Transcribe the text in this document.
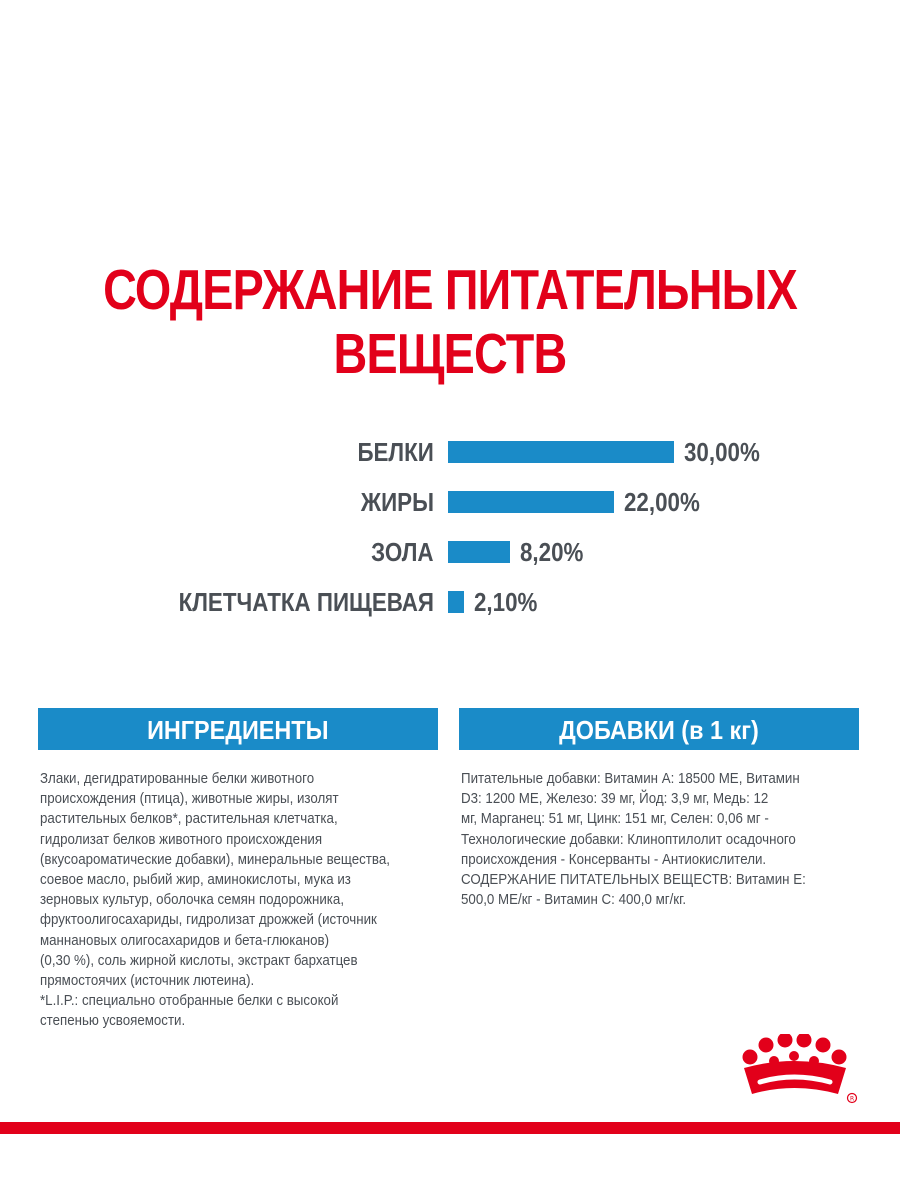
СОДЕРЖАНИЕ ПИТАТЕЛЬНЫХ
ВЕЩЕСТВ
БЕЛКИ	30,00%
ЖИРЫ	22,00%
ЗОЛА	8,20%
КЛЕТЧАТКА ПИЩЕВАЯ 2,10%
ИНГРЕДИЕНТЫ	ДОБАВКИ (в 1 кг)
Злаки, дегидратированные белки животного
происхождения (птица), животные жиры, изолят
растительных белков*, растительная клетчатка,
гидролизат белков животного происхождения
(вкусоароматические добавки), минеральные вещества,
соевое масло, рыбий жир, аминокислоты, мука из
зерновых культур, оболочка семян подорожника,
фруктоолигосахариды, гидролизат дрожжей (источник
маннановых олигосахаридов и бета-глюканов)
(0,30 %), соль жирной кислоты, экстракт бархатцев
прямостоячих (источник лютеина).
*L.I.P.: специально отобранные белки с высокой
степенью усвояемости.
Питательные добавки: Витамин А: 18500 МЕ, Витамин
D3: 1200 МЕ, Железо: 39 мг, Йод: 3,9 мг, Медь: 12
мг, Марганец: 51 мг, Цинк: 151 мг, Селен: 0,06 мг -
Технологические добавки: Клиноптилолит осадочного
происхождения - Консерванты - Антиокислители.
СОДЕРЖАНИЕ ПИТАТЕЛЬНЫХ ВЕЩЕСТВ: Витамин Е:
500,0 МЕ/кг - Витамин С: 400,0 мг/кг.
R
